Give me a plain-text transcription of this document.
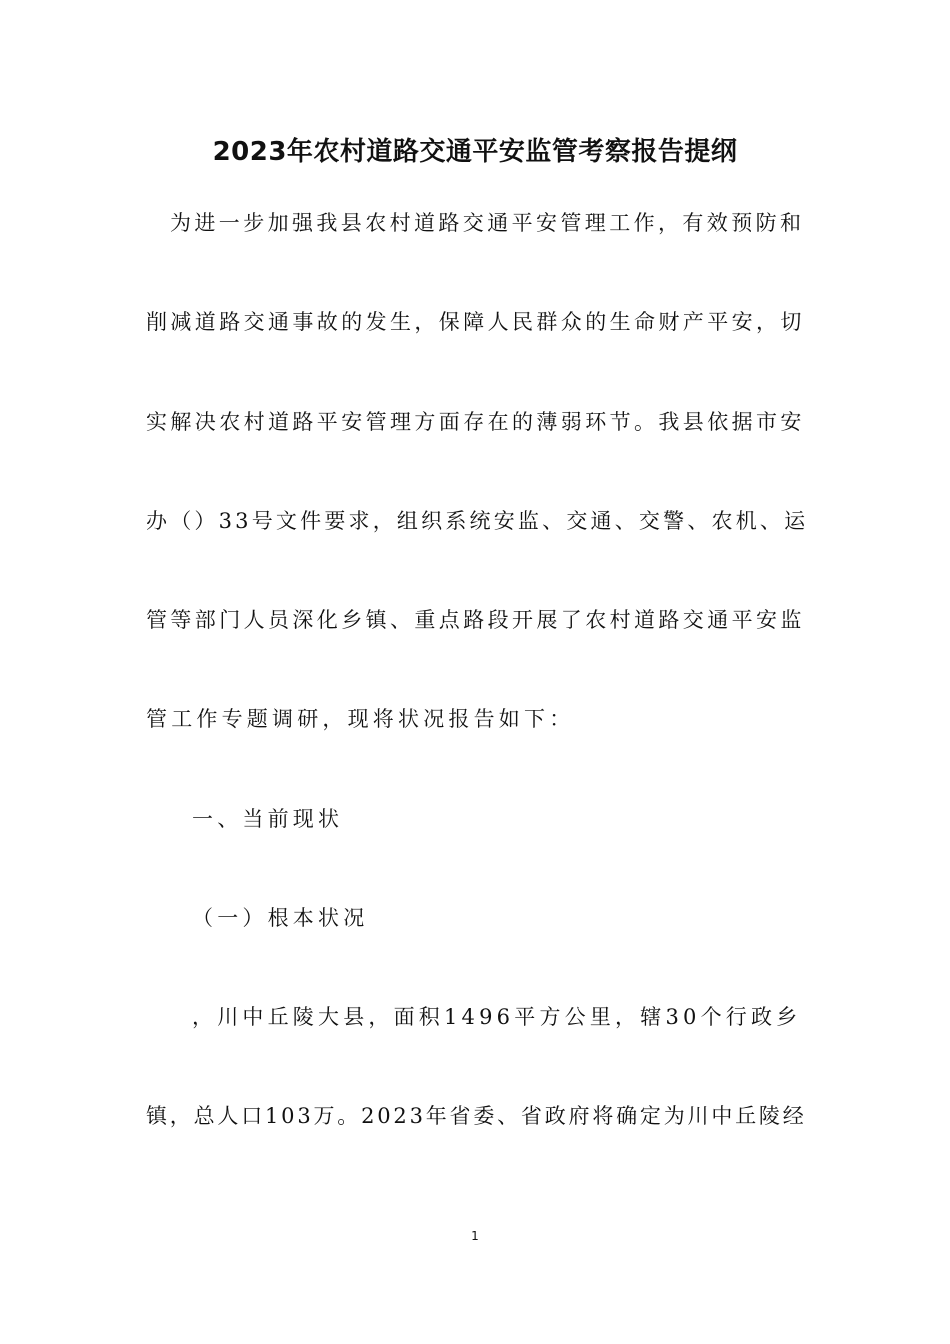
2023年农村道路交通平安监管考察报告提纲
为进一步加强我县农村道路交通平安管理工作，有效预防和
削减道路交通事故的发生，保障人民群众的生命财产平安，切
实解决农村道路平安管理方面存在的薄弱环节。我县依据市安
办（）33号文件要求，组织系统安监、交通、交警、农机、运
管等部门人员深化乡镇、重点路段开展了农村道路交通平安监
管工作专题调研，现将状况报告如下：
一、当前现状
（一）根本状况
，川中丘陵大县，面积1496平方公里，辖30个行政乡
镇，总人口103万。2023年省委、省政府将确定为川中丘陵经
1
